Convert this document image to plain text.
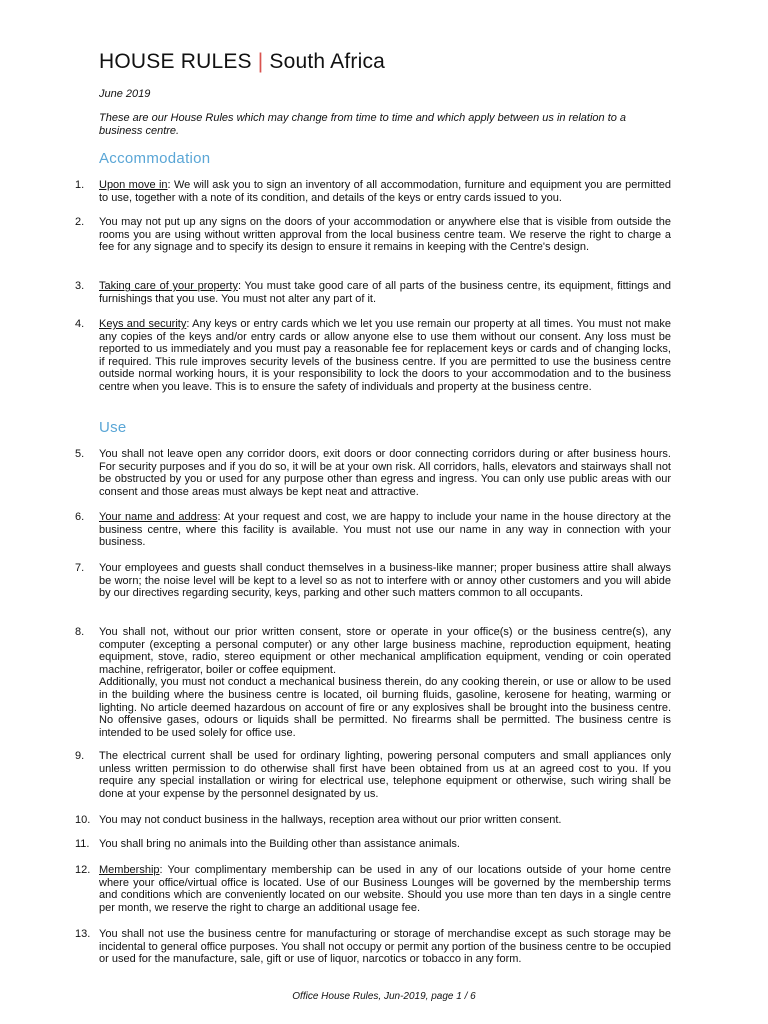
HOUSE RULES | South Africa
June 2019
These are our House Rules which may change from time to time and which apply between us in relation to a business centre.
Accommodation
1.	Upon move in: We will ask you to sign an inventory of all accommodation, furniture and equipment you are permitted to use, together with a note of its condition, and details of the keys or entry cards issued to you.
2.	You may not put up any signs on the doors of your accommodation or anywhere else that is visible from outside the rooms you are using without written approval from the local business centre team. We reserve the right to charge a fee for any signage and to specify its design to ensure it remains in keeping with the Centre's design.
3.	Taking care of your property: You must take good care of all parts of the business centre, its equipment, fittings and furnishings that you use. You must not alter any part of it.
4.	Keys and security: Any keys or entry cards which we let you use remain our property at all times. You must not make any copies of the keys and/or entry cards or allow anyone else to use them without our consent. Any loss must be reported to us immediately and you must pay a reasonable fee for replacement keys or cards and of changing locks, if required. This rule improves security levels of the business centre. If you are permitted to use the business centre outside normal working hours, it is your responsibility to lock the doors to your accommodation and to the business centre when you leave. This is to ensure the safety of individuals and property at the business centre.
Use
5.	You shall not leave open any corridor doors, exit doors or door connecting corridors during or after business hours. For security purposes and if you do so, it will be at your own risk. All corridors, halls, elevators and stairways shall not be obstructed by you or used for any purpose other than egress and ingress. You can only use public areas with our consent and those areas must always be kept neat and attractive.
6.	Your name and address: At your request and cost, we are happy to include your name in the house directory at the business centre, where this facility is available. You must not use our name in any way in connection with your business.
7.	Your employees and guests shall conduct themselves in a business-like manner; proper business attire shall always be worn; the noise level will be kept to a level so as not to interfere with or annoy other customers and you will abide by our directives regarding security, keys, parking and other such matters common to all occupants.
8.	You shall not, without our prior written consent, store or operate in your office(s) or the business centre(s), any computer (excepting a personal computer) or any other large business machine, reproduction equipment, heating equipment, stove, radio, stereo equipment or other mechanical amplification equipment, vending or coin operated machine, refrigerator, boiler or coffee equipment.
Additionally, you must not conduct a mechanical business therein, do any cooking therein, or use or allow to be used in the building where the business centre is located, oil burning fluids, gasoline, kerosene for heating, warming or lighting. No article deemed hazardous on account of fire or any explosives shall be brought into the business centre. No offensive gases, odours or liquids shall be permitted. No firearms shall be permitted. The business centre is intended to be used solely for office use.
9.	The electrical current shall be used for ordinary lighting, powering personal computers and small appliances only unless written permission to do otherwise shall first have been obtained from us at an agreed cost to you. If you require any special installation or wiring for electrical use, telephone equipment or otherwise, such wiring shall be done at your expense by the personnel designated by us.
10. You may not conduct business in the hallways, reception area without our prior written consent.
11. You shall bring no animals into the Building other than assistance animals.
12. Membership: Your complimentary membership can be used in any of our locations outside of your home centre where your office/virtual office is located. Use of our Business Lounges will be governed by the membership terms and conditions which are conveniently located on our website. Should you use more than ten days in a single centre per month, we reserve the right to charge an additional usage fee.
13. You shall not use the business centre for manufacturing or storage of merchandise except as such storage may be incidental to general office purposes. You shall not occupy or permit any portion of the business centre to be occupied or used for the manufacture, sale, gift or use of liquor, narcotics or tobacco in any form.
Office House Rules, Jun-2019, page 1 / 6
